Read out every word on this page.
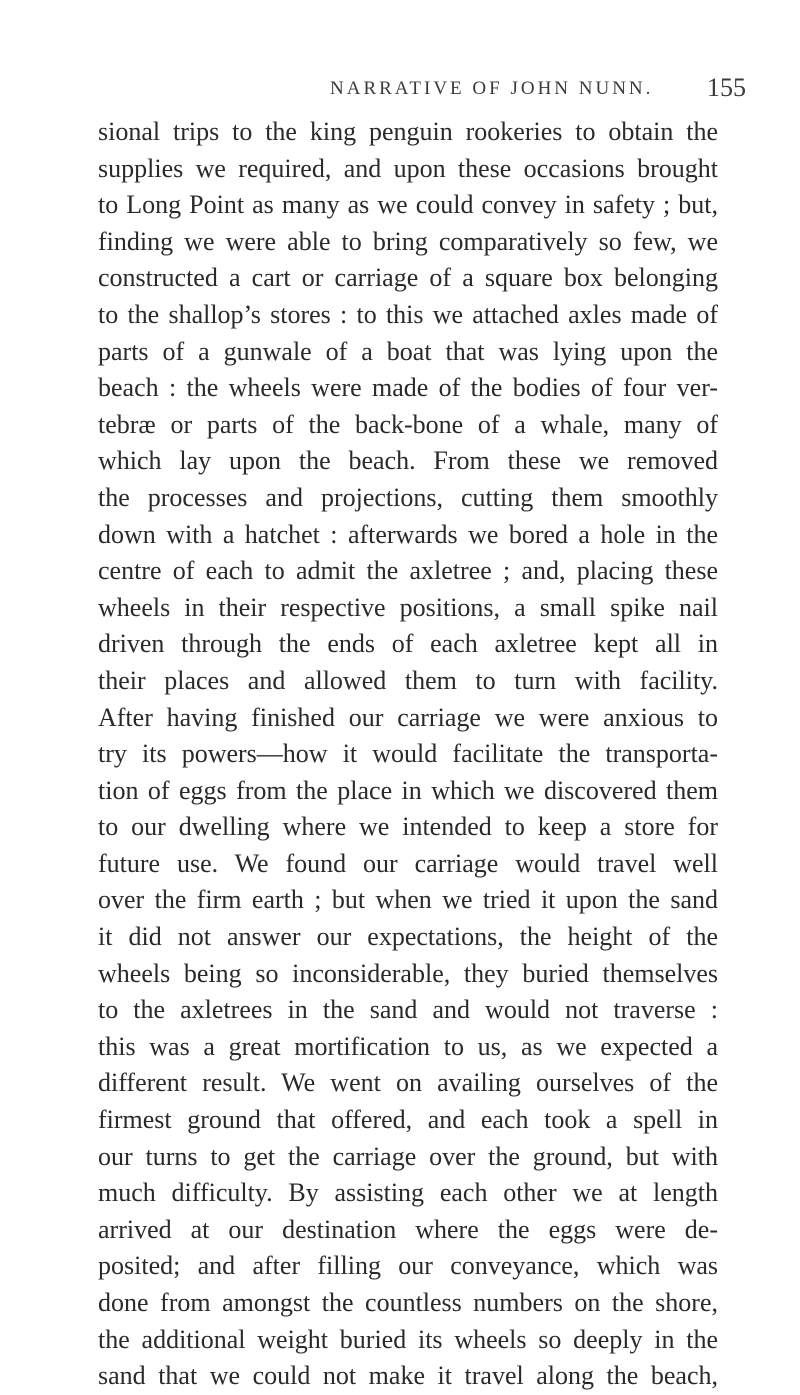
NARRATIVE OF JOHN NUNN. 155
sional trips to the king penguin rookeries to obtain the
supplies we required, and upon these occasions brought
to Long Point as many as we could convey in safety ; but,
finding we were able to bring comparatively so few, we
constructed a cart or carriage of a square box belonging
to the shallop’s stores : to this we attached axles made of
parts of a gunwale of a boat that was lying upon the
beach : the wheels were made of the bodies of four ver-
tebræ or parts of the back-bone of a whale, many of
which lay upon the beach. From these we removed
the processes and projections, cutting them smoothly
down with a hatchet : afterwards we bored a hole in the
centre of each to admit the axletree ; and, placing these
wheels in their respective positions, a small spike nail
driven through the ends of each axletree kept all in
their places and allowed them to turn with facility.
After having finished our carriage we were anxious to
try its powers—how it would facilitate the transporta-
tion of eggs from the place in which we discovered them
to our dwelling where we intended to keep a store for
future use. We found our carriage would travel well
over the firm earth ; but when we tried it upon the sand
it did not answer our expectations, the height of the
wheels being so inconsiderable, they buried themselves
to the axletrees in the sand and would not traverse :
this was a great mortification to us, as we expected a
different result. We went on availing ourselves of the
firmest ground that offered, and each took a spell in
our turns to get the carriage over the ground, but with
much difficulty. By assisting each other we at length
arrived at our destination where the eggs were de-
posited; and after filling our conveyance, which was
done from amongst the countless numbers on the shore,
the additional weight buried its wheels so deeply in the
sand that we could not make it travel along the beach,
